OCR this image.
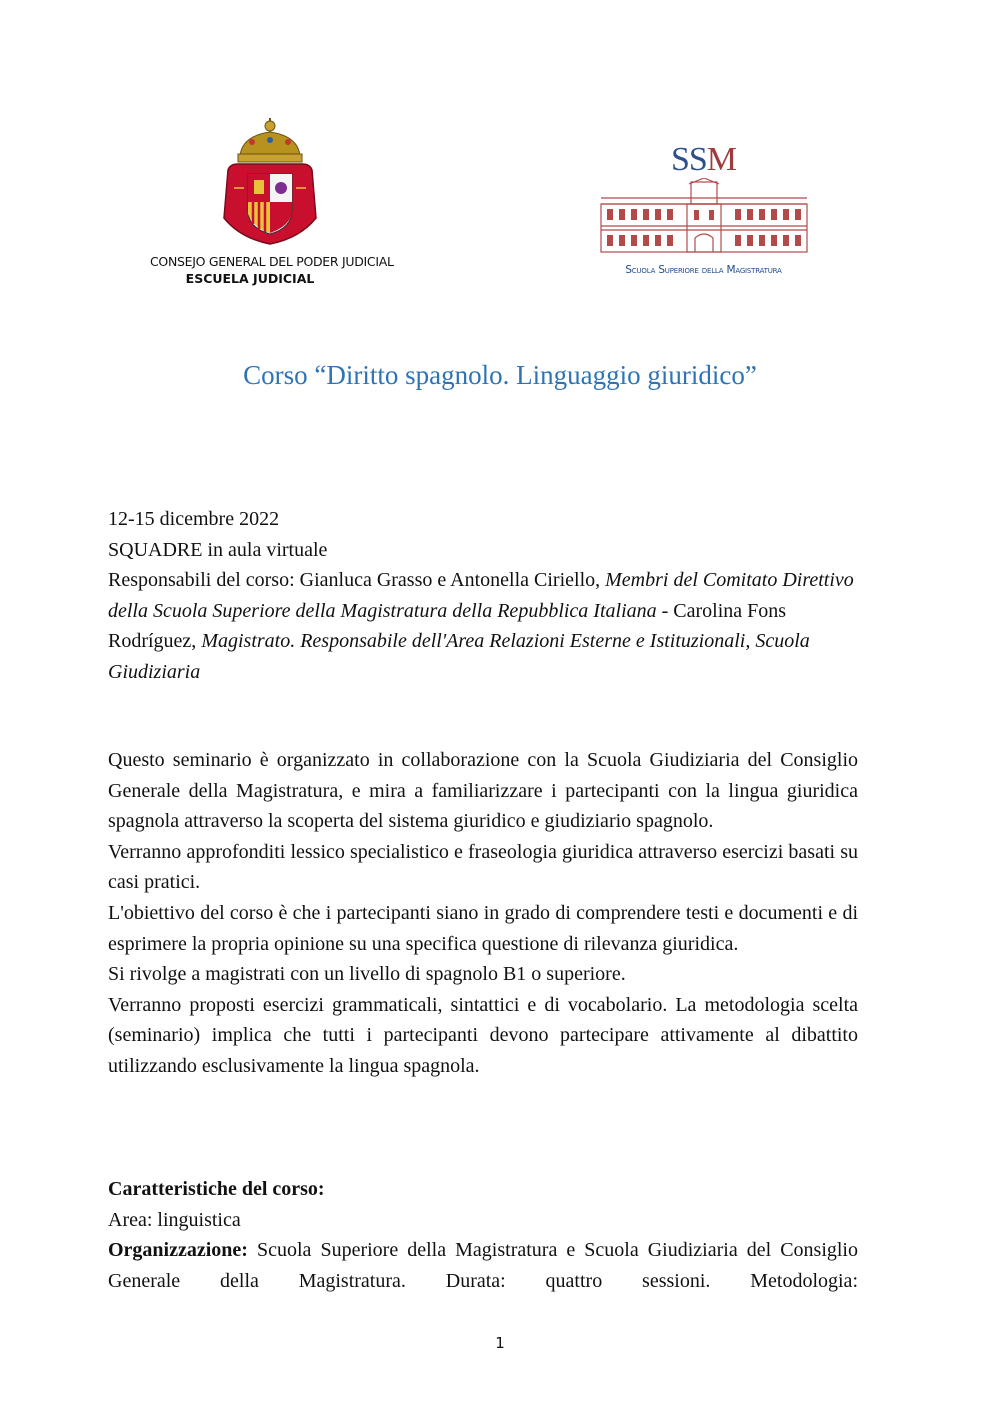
CONSEJO GENERAL DEL PODER JUDICIAL
ESCUELA JUDICIAL
SSM
Scuola Superiore della Magistratura
Corso “Diritto spagnolo. Linguaggio giuridico”
12-15 dicembre 2022
SQUADRE in aula virtuale

Responsabili del corso: Gianluca Grasso e Antonella Ciriello, Membri del Comitato Direttivo della Scuola Superiore della Magistratura della Repubblica Italiana - Carolina Fons Rodríguez, Magistrato. Responsabile dell'Area Relazioni Esterne e Istituzionali, Scuola Giudiziaria

Questo seminario è organizzato in collaborazione con la Scuola Giudiziaria del Consiglio Generale della Magistratura, e mira a familiarizzare i partecipanti con la lingua giuridica spagnola attraverso la scoperta del sistema giuridico e giudiziario spagnolo.

Verranno approfonditi lessico specialistico e fraseologia giuridica attraverso esercizi basati su casi pratici.

L'obiettivo del corso è che i partecipanti siano in grado di comprendere testi e documenti e di esprimere la propria opinione su una specifica questione di rilevanza giuridica.

Si rivolge a magistrati con un livello di spagnolo B1 o superiore.

Verranno proposti esercizi grammaticali, sintattici e di vocabolario. La metodologia scelta (seminario) implica che tutti i partecipanti devono partecipare attivamente al dibattito utilizzando esclusivamente la lingua spagnola.

Caratteristiche del corso:
Area: linguistica

Organizzazione: Scuola Superiore della Magistratura e Scuola Giudiziaria del Consiglio Generale della Magistratura. Durata: quattro sessioni. Metodologia:

1
